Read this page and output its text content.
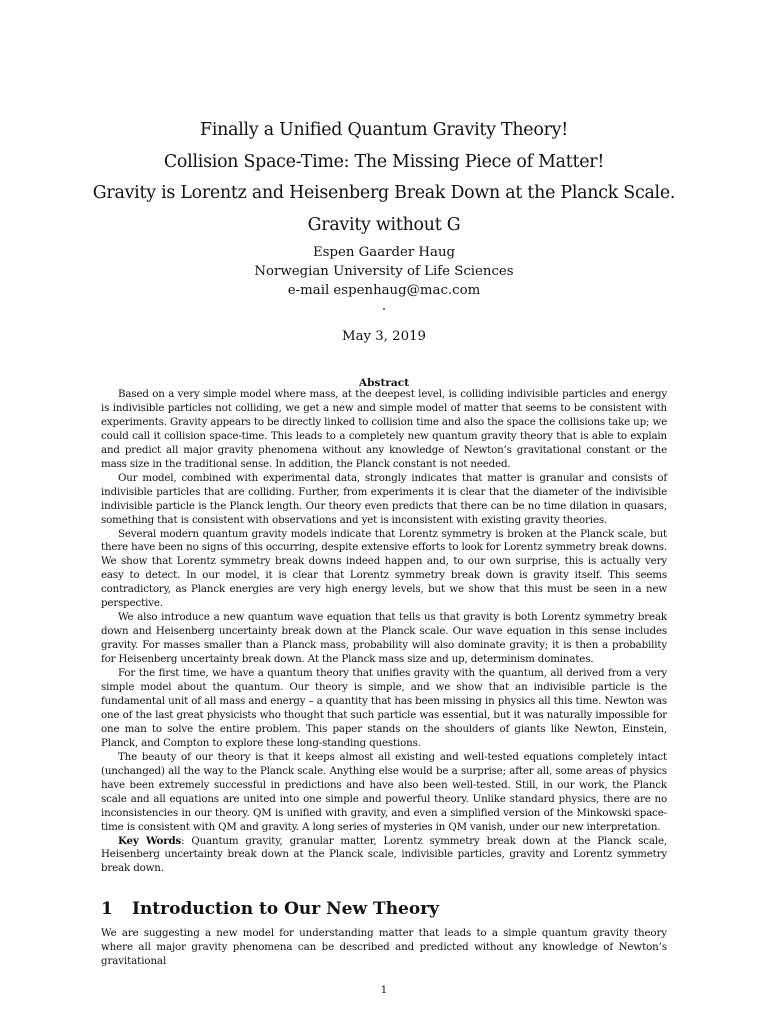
Finally a Unified Quantum Gravity Theory!
Collision Space-Time: The Missing Piece of Matter!
Gravity is Lorentz and Heisenberg Break Down at the Planck Scale.
Gravity without G
Espen Gaarder Haug
Norwegian University of Life Sciences
e-mail espenhaug@mac.com
.
May 3, 2019
Abstract

Based on a very simple model where mass, at the deepest level, is colliding indivisible particles and energy is indivisible particles not colliding, we get a new and simple model of matter that seems to be consistent with experiments. Gravity appears to be directly linked to collision time and also the space the collisions take up; we could call it collision space-time. This leads to a completely new quantum gravity theory that is able to explain and predict all major gravity phenomena without any knowledge of Newton’s gravitational constant or the mass size in the traditional sense. In addition, the Planck constant is not needed.

Our model, combined with experimental data, strongly indicates that matter is granular and consists of indivisible particles that are colliding. Further, from experiments it is clear that the diameter of the indivisible indivisible particle is the Planck length. Our theory even predicts that there can be no time dilation in quasars, something that is consistent with observations and yet is inconsistent with existing gravity theories.

Several modern quantum gravity models indicate that Lorentz symmetry is broken at the Planck scale, but there have been no signs of this occurring, despite extensive efforts to look for Lorentz symmetry break downs. We show that Lorentz symmetry break downs indeed happen and, to our own surprise, this is actually very easy to detect. In our model, it is clear that Lorentz symmetry break down is gravity itself. This seems contradictory, as Planck energies are very high energy levels, but we show that this must be seen in a new perspective.

We also introduce a new quantum wave equation that tells us that gravity is both Lorentz symmetry break down and Heisenberg uncertainty break down at the Planck scale. Our wave equation in this sense includes gravity. For masses smaller than a Planck mass, probability will also dominate gravity; it is then a probability for Heisenberg uncertainty break down. At the Planck mass size and up, determinism dominates.

For the first time, we have a quantum theory that unifies gravity with the quantum, all derived from a very simple model about the quantum. Our theory is simple, and we show that an indivisible particle is the fundamental unit of all mass and energy – a quantity that has been missing in physics all this time. Newton was one of the last great physicists who thought that such particle was essential, but it was naturally impossible for one man to solve the entire problem. This paper stands on the shoulders of giants like Newton, Einstein, Planck, and Compton to explore these long-standing questions.

The beauty of our theory is that it keeps almost all existing and well-tested equations completely intact (unchanged) all the way to the Planck scale. Anything else would be a surprise; after all, some areas of physics have been extremely successful in predictions and have also been well-tested. Still, in our work, the Planck scale and all equations are united into one simple and powerful theory. Unlike standard physics, there are no inconsistencies in our theory. QM is unified with gravity, and even a simplified version of the Minkowski space-time is consistent with QM and gravity. A long series of mysteries in QM vanish, under our new interpretation.

Key Words: Quantum gravity, granular matter, Lorentz symmetry break down at the Planck scale, Heisenberg uncertainty break down at the Planck scale, indivisible particles, gravity and Lorentz symmetry break down.

1 Introduction to Our New Theory

We are suggesting a new model for understanding matter that leads to a simple quantum gravity theory where all major gravity phenomena can be described and predicted without any knowledge of Newton’s gravitational

1
